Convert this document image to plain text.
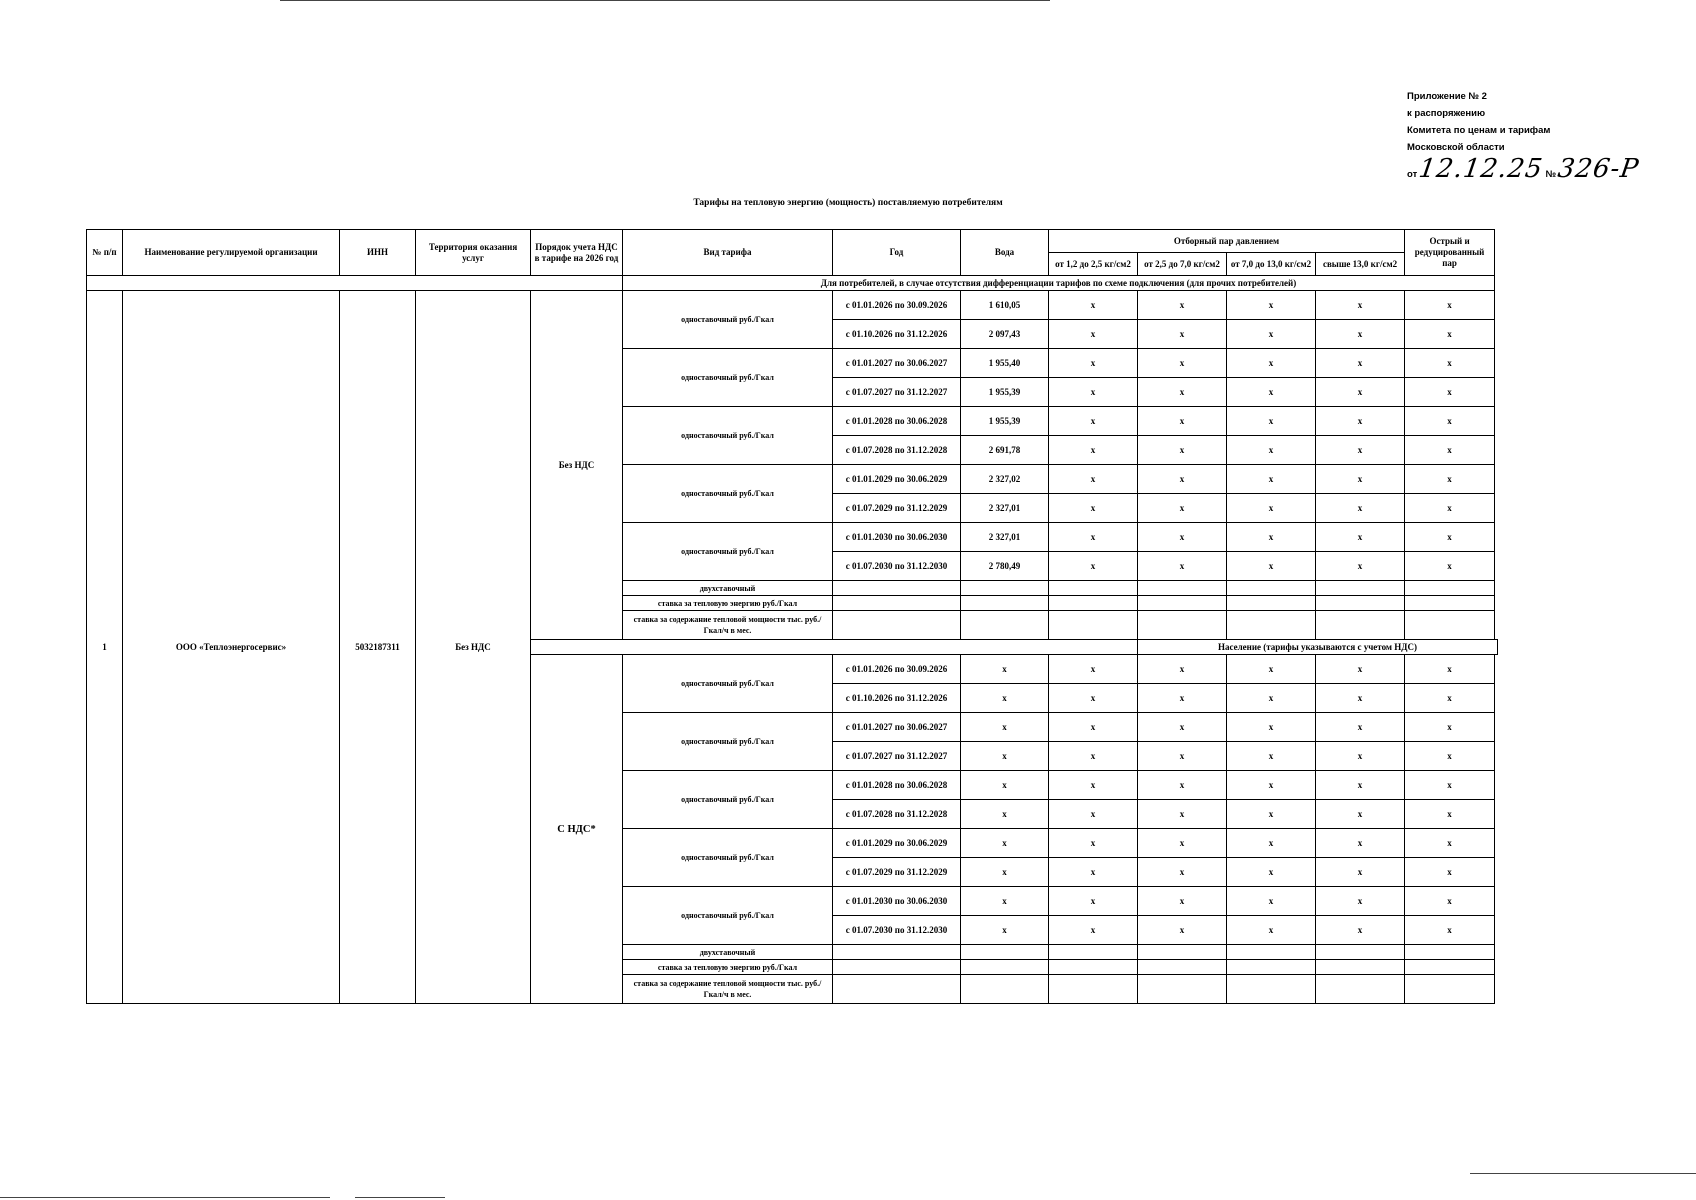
Приложение № 2
к распоряжению
Комитета по ценам и тарифам
Московской области
от12.12.25 №326-Р
Тарифы на тепловую энергию (мощность) поставляемую потребителям
№ п/п	Наименование регулируемой организации	ИНН	Территория оказания услуг	Порядок учета НДС в тарифе на 2026 год	Вид тарифа	Год	Вода	Отборный пар давлением				Острый и редуцированный пар
								от 1,2 до 2,5 кг/см2	от 2,5 до 7,0 кг/см2	от 7,0 до 13,0 кг/см2	свыше 13,0 кг/см2	
					Для потребителей, в случае отсутствия дифференциации тарифов по схеме подключения (для прочих потребителей)							
1	ООО «Теплоэнергосервис»	5032187311	Без НДС	Без НДС	одноставочный руб./Гкал	с 01.01.2026 по 30.09.2026	1 610,05	x	x	x	x	x
						с 01.10.2026 по 31.12.2026	2 097,43	x	x	x	x	x
					одноставочный руб./Гкал	с 01.01.2027 по 30.06.2027	1 955,40	x	x	x	x	x
						с 01.07.2027 по 31.12.2027	1 955,39	x	x	x	x	x
					одноставочный руб./Гкал	с 01.01.2028 по 30.06.2028	1 955,39	x	x	x	x	x
						с 01.07.2028 по 31.12.2028	2 691,78	x	x	x	x	x
					одноставочный руб./Гкал	с 01.01.2029 по 30.06.2029	2 327,02	x	x	x	x	x
						с 01.07.2029 по 31.12.2029	2 327,01	x	x	x	x	x
					одноставочный руб./Гкал	с 01.01.2030 по 30.06.2030	2 327,01	x	x	x	x	x
						с 01.07.2030 по 31.12.2030	2 780,49	x	x	x	x	x
					двухставочный							
					ставка за тепловую энергию руб./Гкал							
					ставка за содержание тепловой мощности тыс. руб./Гкал/ч в мес.							
									Население (тарифы указываются с учетом НДС)			
				С НДС*	одноставочный руб./Гкал	с 01.01.2026 по 30.09.2026	x	x	x	x	x	x
						с 01.10.2026 по 31.12.2026	x	x	x	x	x	x
					одноставочный руб./Гкал	с 01.01.2027 по 30.06.2027	x	x	x	x	x	x
						с 01.07.2027 по 31.12.2027	x	x	x	x	x	x
					одноставочный руб./Гкал	с 01.01.2028 по 30.06.2028	x	x	x	x	x	x
						с 01.07.2028 по 31.12.2028	x	x	x	x	x	x
					одноставочный руб./Гкал	с 01.01.2029 по 30.06.2029	x	x	x	x	x	x
						с 01.07.2029 по 31.12.2029	x	x	x	x	x	x
					одноставочный руб./Гкал	с 01.01.2030 по 30.06.2030	x	x	x	x	x	x
						с 01.07.2030 по 31.12.2030	x	x	x	x	x	x
					двухставочный							
					ставка за тепловую энергию руб./Гкал							
					ставка за содержание тепловой мощности тыс. руб./Гкал/ч в мес.							
